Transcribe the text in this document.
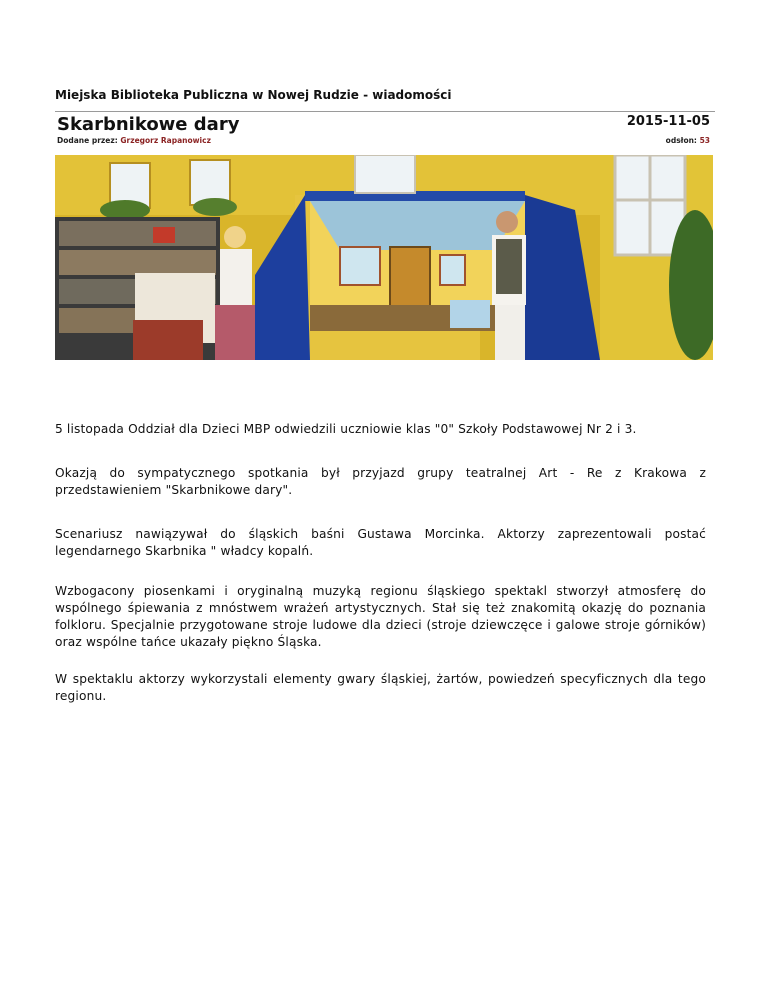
Miejska Biblioteka Publiczna w Nowej Rudzie - wiadomości
Skarbnikowe dary	2015-11-05
Dodane przez: Grzegorz Rapanowicz	odsłon: 53
5 listopada Oddział dla Dzieci MBP odwiedzili uczniowie klas "0" Szkoły Podstawowej Nr 2 i 3.
Okazją do sympatycznego spotkania był przyjazd grupy teatralnej Art - Re z Krakowa z przedstawieniem "Skarbnikowe dary".
Scenariusz nawiązywał do śląskich baśni Gustawa Morcinka. Aktorzy zaprezentowali postać legendarnego Skarbnika " władcy kopalń.
Wzbogacony piosenkami i oryginalną muzyką regionu śląskiego spektakl stworzył atmosferę do wspólnego śpiewania z mnóstwem wrażeń artystycznych. Stał się też znakomitą okazję do poznania folkloru. Specjalnie przygotowane stroje ludowe dla dzieci (stroje dziewczęce i galowe stroje górników) oraz wspólne tańce ukazały piękno Śląska.
W spektaklu aktorzy wykorzystali elementy gwary śląskiej, żartów, powiedzeń specyficznych dla tego regionu.
